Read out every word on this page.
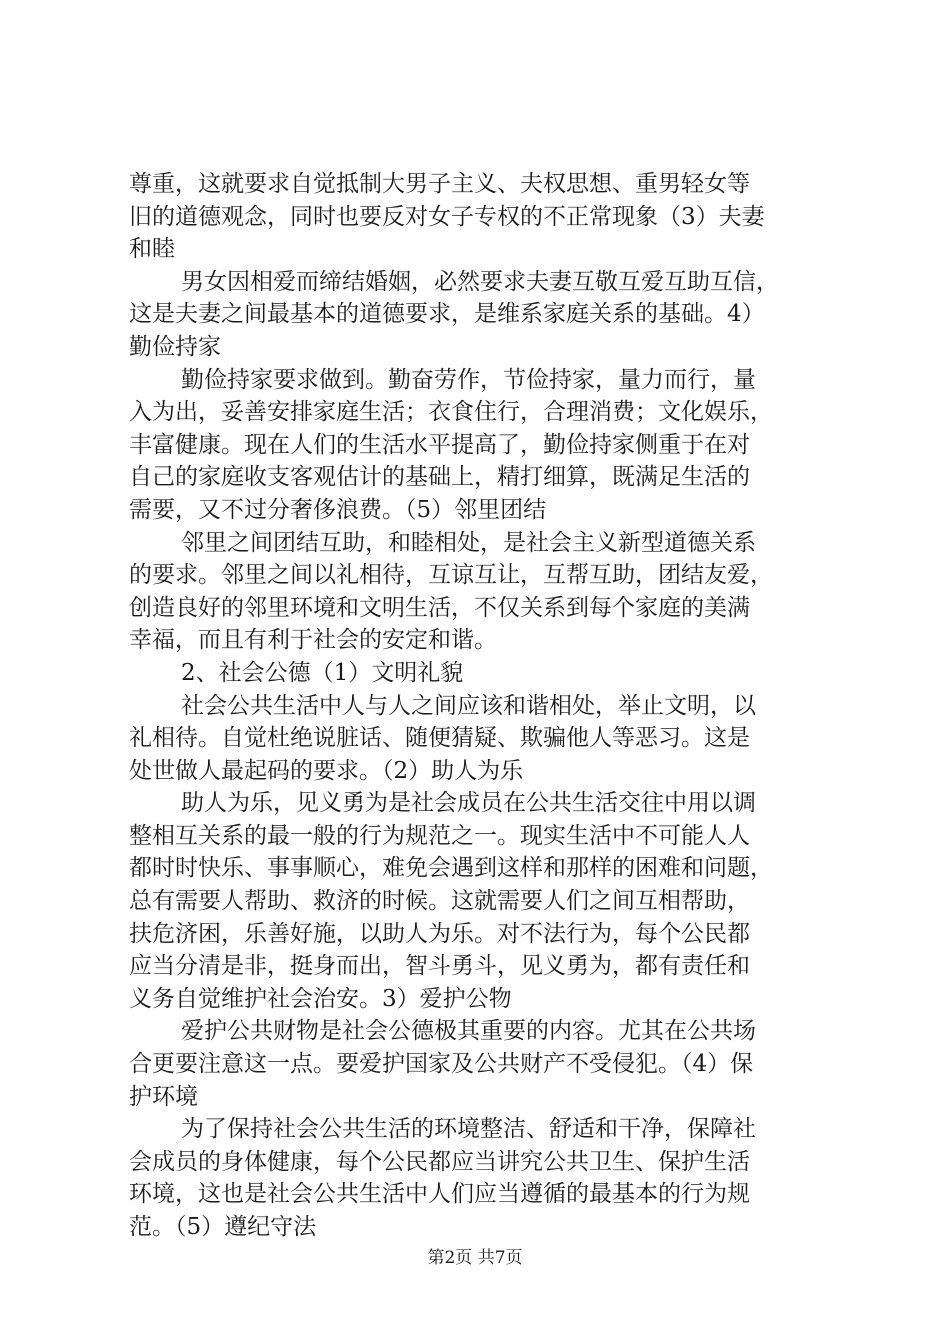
尊重，这就要求自觉抵制大男子主义、夫权思想、重男轻女等
旧的道德观念，同时也要反对女子专权的不正常现象（3）夫妻
和睦
男女因相爱而缔结婚姻，必然要求夫妻互敬互爱互助互信，
这是夫妻之间最基本的道德要求，是维系家庭关系的基础。4）
勤俭持家
勤俭持家要求做到。勤奋劳作，节俭持家，量力而行，量
入为出，妥善安排家庭生活；衣食住行，合理消费；文化娱乐，
丰富健康。现在人们的生活水平提高了，勤俭持家侧重于在对
自己的家庭收支客观估计的基础上，精打细算，既满足生活的
需要，又不过分奢侈浪费。（5）邻里团结
邻里之间团结互助，和睦相处，是社会主义新型道德关系
的要求。邻里之间以礼相待，互谅互让，互帮互助，团结友爱，
创造良好的邻里环境和文明生活，不仅关系到每个家庭的美满
幸福，而且有利于社会的安定和谐。
2、社会公德（1）文明礼貌
社会公共生活中人与人之间应该和谐相处，举止文明，以
礼相待。自觉杜绝说脏话、随便猜疑、欺骗他人等恶习。这是
处世做人最起码的要求。（2）助人为乐
助人为乐，见义勇为是社会成员在公共生活交往中用以调
整相互关系的最一般的行为规范之一。现实生活中不可能人人
都时时快乐、事事顺心，难免会遇到这样和那样的困难和问题，
总有需要人帮助、救济的时候。这就需要人们之间互相帮助，
扶危济困，乐善好施，以助人为乐。对不法行为，每个公民都
应当分清是非，挺身而出，智斗勇斗，见义勇为，都有责任和
义务自觉维护社会治安。3）爱护公物
爱护公共财物是社会公德极其重要的内容。尤其在公共场
合更要注意这一点。要爱护国家及公共财产不受侵犯。（4）保
护环境
为了保持社会公共生活的环境整洁、舒适和干净，保障社
会成员的身体健康，每个公民都应当讲究公共卫生、保护生活
环境，这也是社会公共生活中人们应当遵循的最基本的行为规
范。（5）遵纪守法
第2页 共7页
